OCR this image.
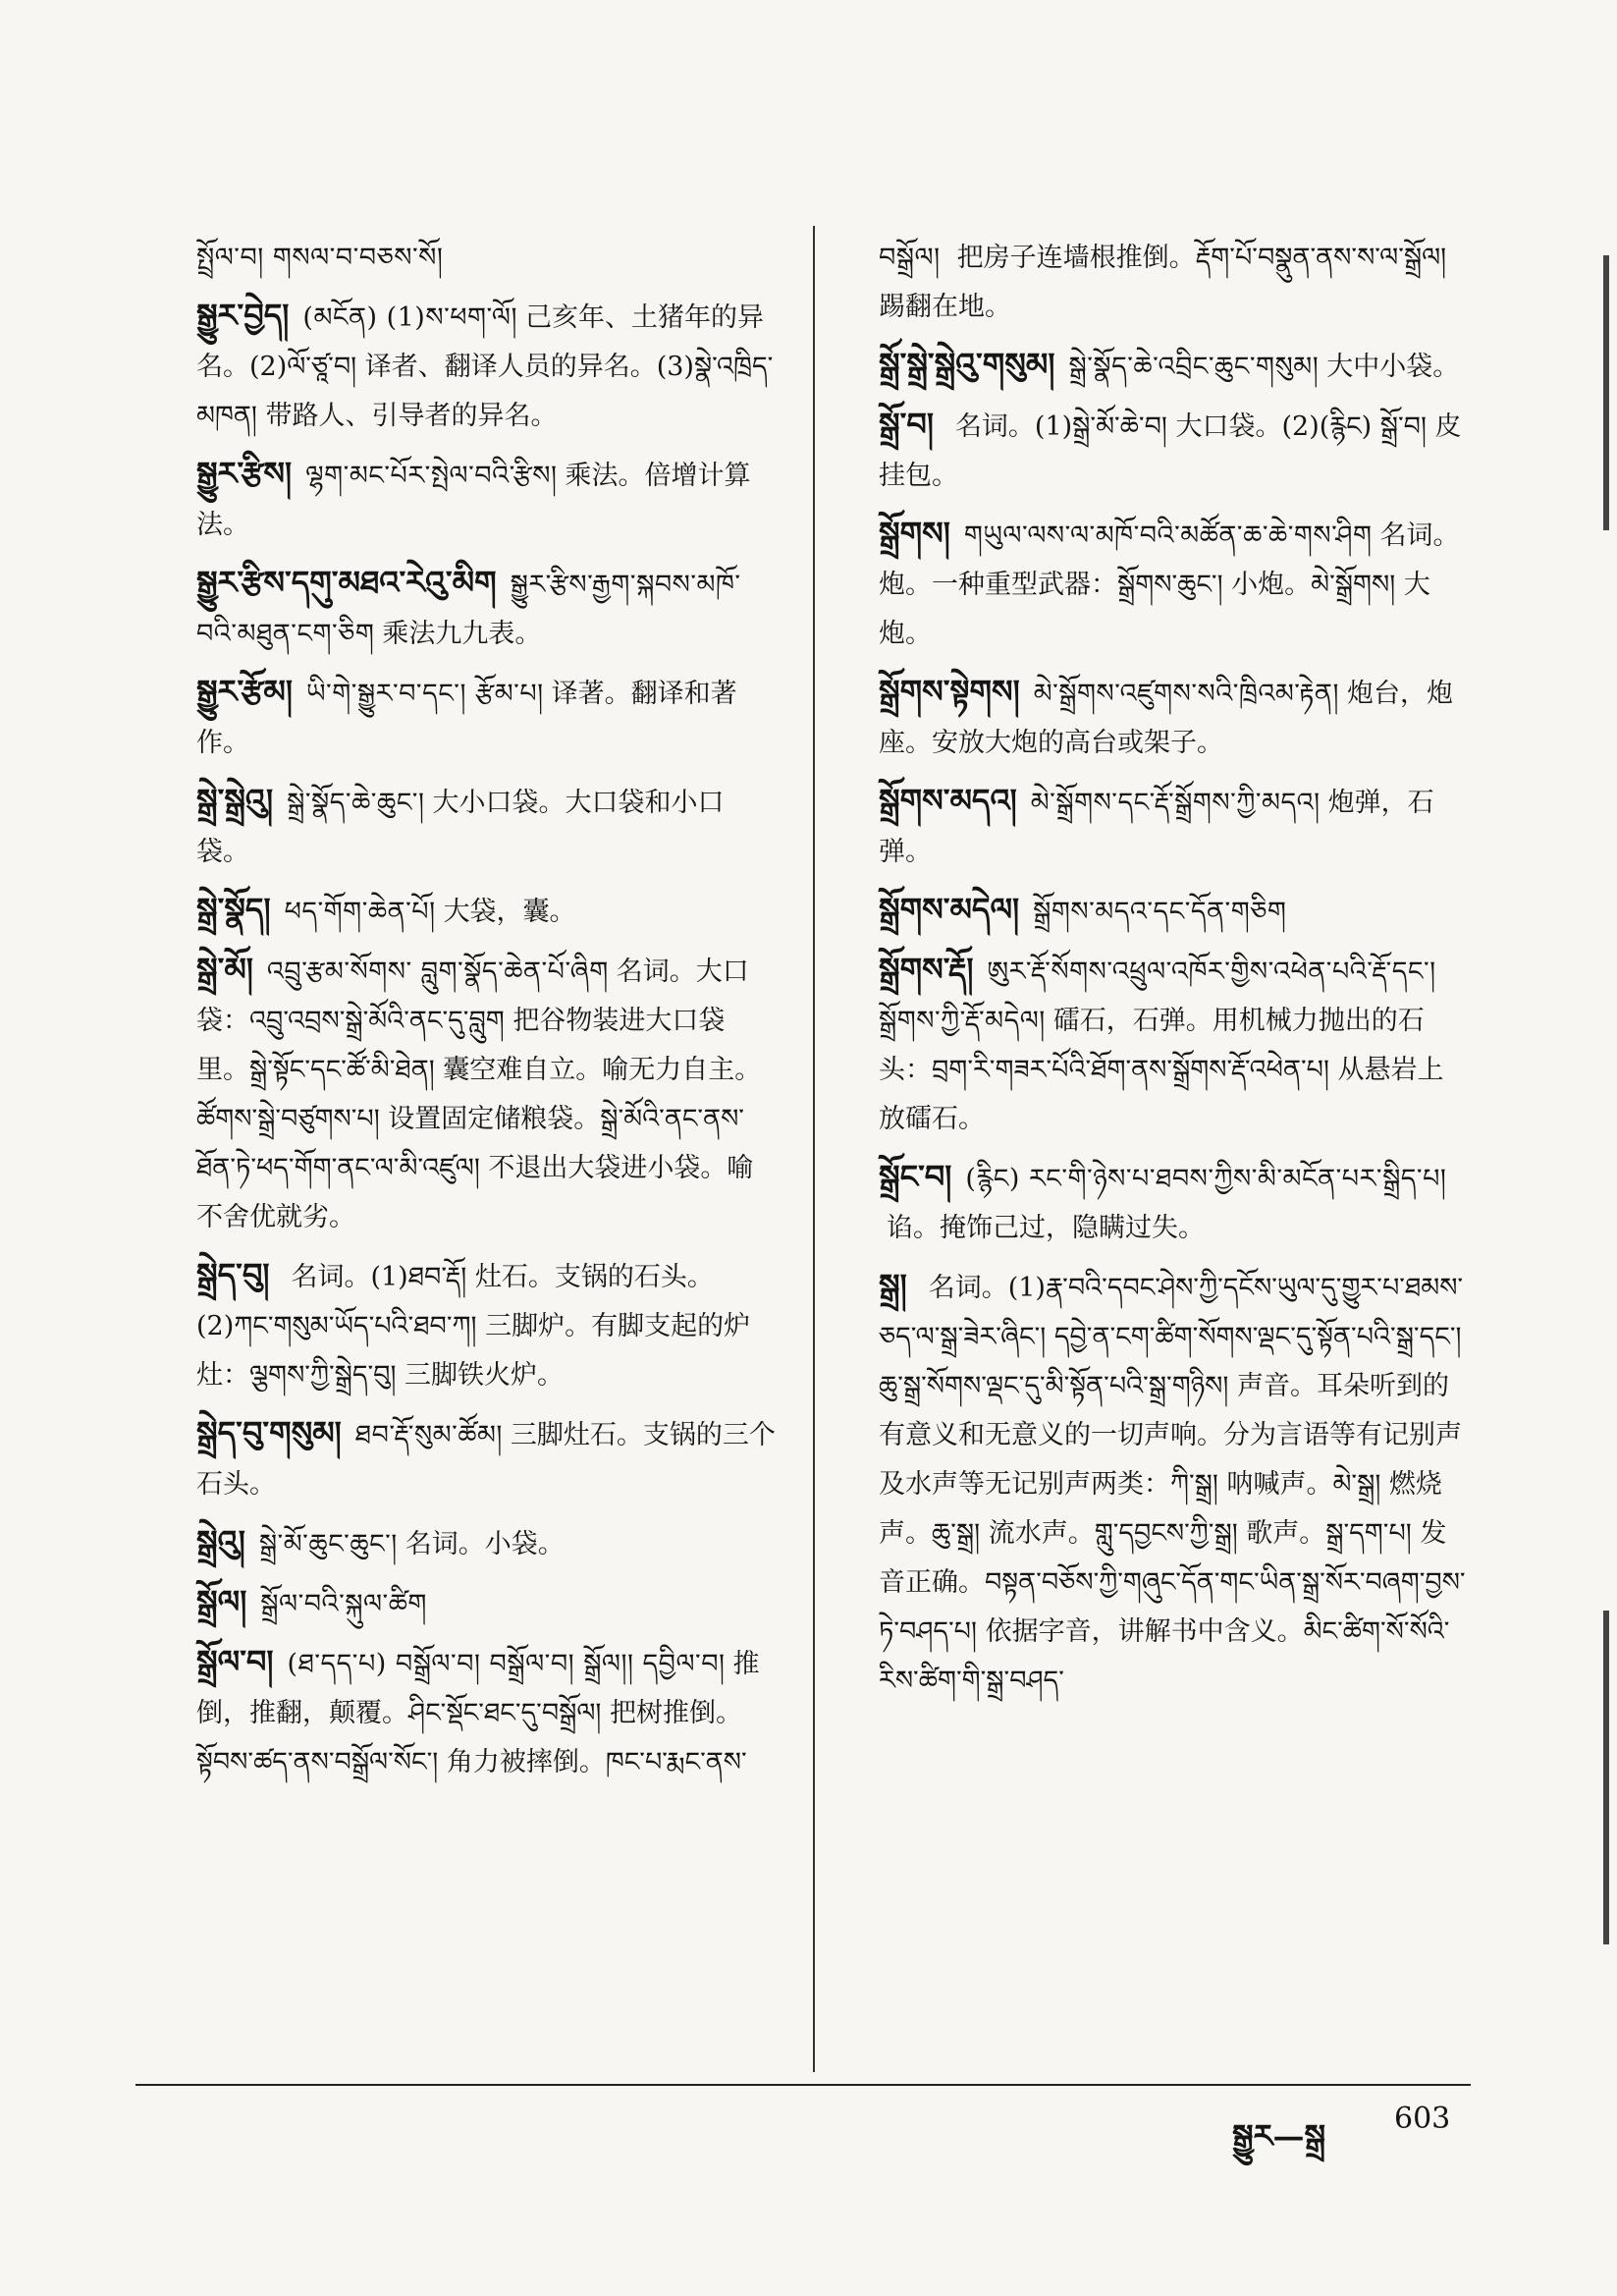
སྤྲོལ་བ། གསལ་བ་བཅས་སོ།
སྒྱུར་བྱེད། (མངོན) (1)ས་ཕག་ལོ། 己亥年、土猪年的异名。(2)ལོ་ཙཱ་བ། 译者、翻译人员的异名。(3)སྣེ་འཁྲིད་མཁན། 带路人、引导者的异名。
སྒྱུར་རྩིས། ལྷག་མང་པོར་སྤེལ་བའི་རྩིས། 乘法。倍增计算法。
སྒྱུར་རྩིས་དགུ་མཐའ་རེའུ་མིག སྒྱུར་རྩིས་རྒྱག་སྐབས་མཁོ་བའི་མཐུན་ངག་ཅིག 乘法九九表。
སྒྱུར་རྩོམ། ཡི་གེ་སྒྱུར་བ་དང་། རྩོམ་པ། 译著。翻译和著作。
སྒྲེ་སྒྲེའུ། སྒྲེ་སྣོད་ཆེ་ཆུང་། 大小口袋。大口袋和小口袋。
སྒྲེ་སྣོད། ཕད་གོག་ཆེན་པོ། 大袋，囊。
སྒྲེ་མོ། འབྲུ་རྩམ་སོགས་ བླུག་སྣོད་ཆེན་པོ་ཞིག 名词。大口袋：འབྲུ་འབྲས་སྒྲེ་མོའི་ནང་དུ་བླུག 把谷物装进大口袋里。སྒྲེ་སྟོང་དང་ཚོ་མི་ཐེན། 囊空难自立。喻无力自主。ཚོགས་སྒྲེ་བཙུགས་པ། 设置固定储粮袋。སྒྲེ་མོའི་ནང་ནས་ཐོན་ཏེ་ཕད་གོག་ནང་ལ་མི་འཛུལ། 不退出大袋进小袋。喻不舍优就劣。
སྒྲེད་བུ། 名词。(1)ཐབ་རྡོ། 灶石。支锅的石头。(2)ཀང་གསུམ་ཡོད་པའི་ཐབ་ཀ། 三脚炉。有脚支起的炉灶：ལྕགས་ཀྱི་སྒྲེད་བུ། 三脚铁火炉。
སྒྲེད་བུ་གསུམ། ཐབ་རྡོ་སུམ་ཚོམ། 三脚灶石。支锅的三个石头。
སྒྲེའུ། སྒྲེ་མོ་ཆུང་ཆུང་། 名词。小袋。
སྒྲོལ། སྒྲོལ་བའི་སྐུལ་ཚིག
སྒྲོལ་བ། (ཐ་དད་པ) བསྒྲོལ་བ། བསྒྲོལ་བ། སྒྲོལ།། དབྱིལ་བ། 推倒，推翻，颠覆。ཤིང་སྡོང་ཐང་དུ་བསྒྲོལ། 把树推倒。སྟོབས་ཚད་ནས་བསྒྲོལ་སོང་། 角力被摔倒。ཁང་པ་རྨང་ནས་
བསྒྲོལ། 把房子连墙根推倒。རྡོག་པོ་བསྣུན་ནས་ས་ལ་སྒྲོལ། 踢翻在地。
སྒྲོ་སྒྲེ་སྒྲེའུ་གསུམ། སྒྲེ་སྣོད་ཆེ་འབྲིང་ཆུང་གསུམ། 大中小袋。
སྒྲོ་བ། 名词。(1)སྒྲེ་མོ་ཆེ་བ། 大口袋。(2)(རྙིང) སྒྲོ་བ། 皮挂包。
སྒྲོགས། གཡུལ་ལས་ལ་མཁོ་བའི་མཚོན་ཆ་ཆེ་གས་ཤིག 名词。炮。一种重型武器：སྒྲོགས་ཆུང་། 小炮。མེ་སྒྲོགས། 大炮。
སྒྲོགས་སྟེགས། མེ་སྒྲོགས་འཛུགས་སའི་ཁྲིའམ་རྟེན། 炮台，炮座。安放大炮的高台或架子。
སྒྲོགས་མདའ། མེ་སྒྲོགས་དང་རྡོ་སྒྲོགས་ཀྱི་མདའ། 炮弹，石弹。
སྒྲོགས་མདེལ། སྒྲོགས་མདའ་དང་དོན་གཅིག
སྒྲོགས་རྡོ། ཨུར་རྡོ་སོགས་འཕྲུལ་འཁོར་གྱིས་འཕེན་པའི་རྡོ་དང་། སྒྲོགས་ཀྱི་རྡོ་མདེལ། 礌石，石弹。用机械力抛出的石头：བྲག་རི་གཟར་པོའི་ཐོག་ནས་སྒྲོགས་རྡོ་འཕེན་པ། 从悬岩上放礌石。
སྒྲོང་བ། (རྙིང) རང་གི་ཉེས་པ་ཐབས་ཀྱིས་མི་མངོན་པར་སྒྲིད་པ།谄。掩饰己过，隐瞒过失。
སྒྲ། 名词。(1)རྣ་བའི་དབང་ཤེས་ཀྱི་དངོས་ཡུལ་དུ་གྱུར་པ་ཐམས་ཅད་ལ་སྒྲ་ཟེར་ཞིང་། དབྱེ་ན་ངག་ཚིག་སོགས་ལྡང་དུ་སྟོན་པའི་སྒྲ་དང་། ཆུ་སྒྲ་སོགས་ལྡང་དུ་མི་སྟོན་པའི་སྒྲ་གཉིས། 声音。耳朵听到的有意义和无意义的一切声响。分为言语等有记别声及水声等无记别声两类：ཀི་སྒྲ། 呐喊声。མེ་སྒྲ། 燃烧声。ཆུ་སྒྲ། 流水声。གླུ་དབྱངས་ཀྱི་སྒྲ། 歌声。སྒྲ་དག་པ། 发音正确。བསྟན་བཅོས་ཀྱི་གཞུང་དོན་གང་ཡིན་སྒྲ་སོར་བཞག་བྱས་ཏེ་བཤད་པ། 依据字音，讲解书中含义。མིང་ཚིག་སོ་སོའི་རིས་ཚིག་གི་སྒྲ་བཤད་
སྒྱུར—སྒྲ 603
